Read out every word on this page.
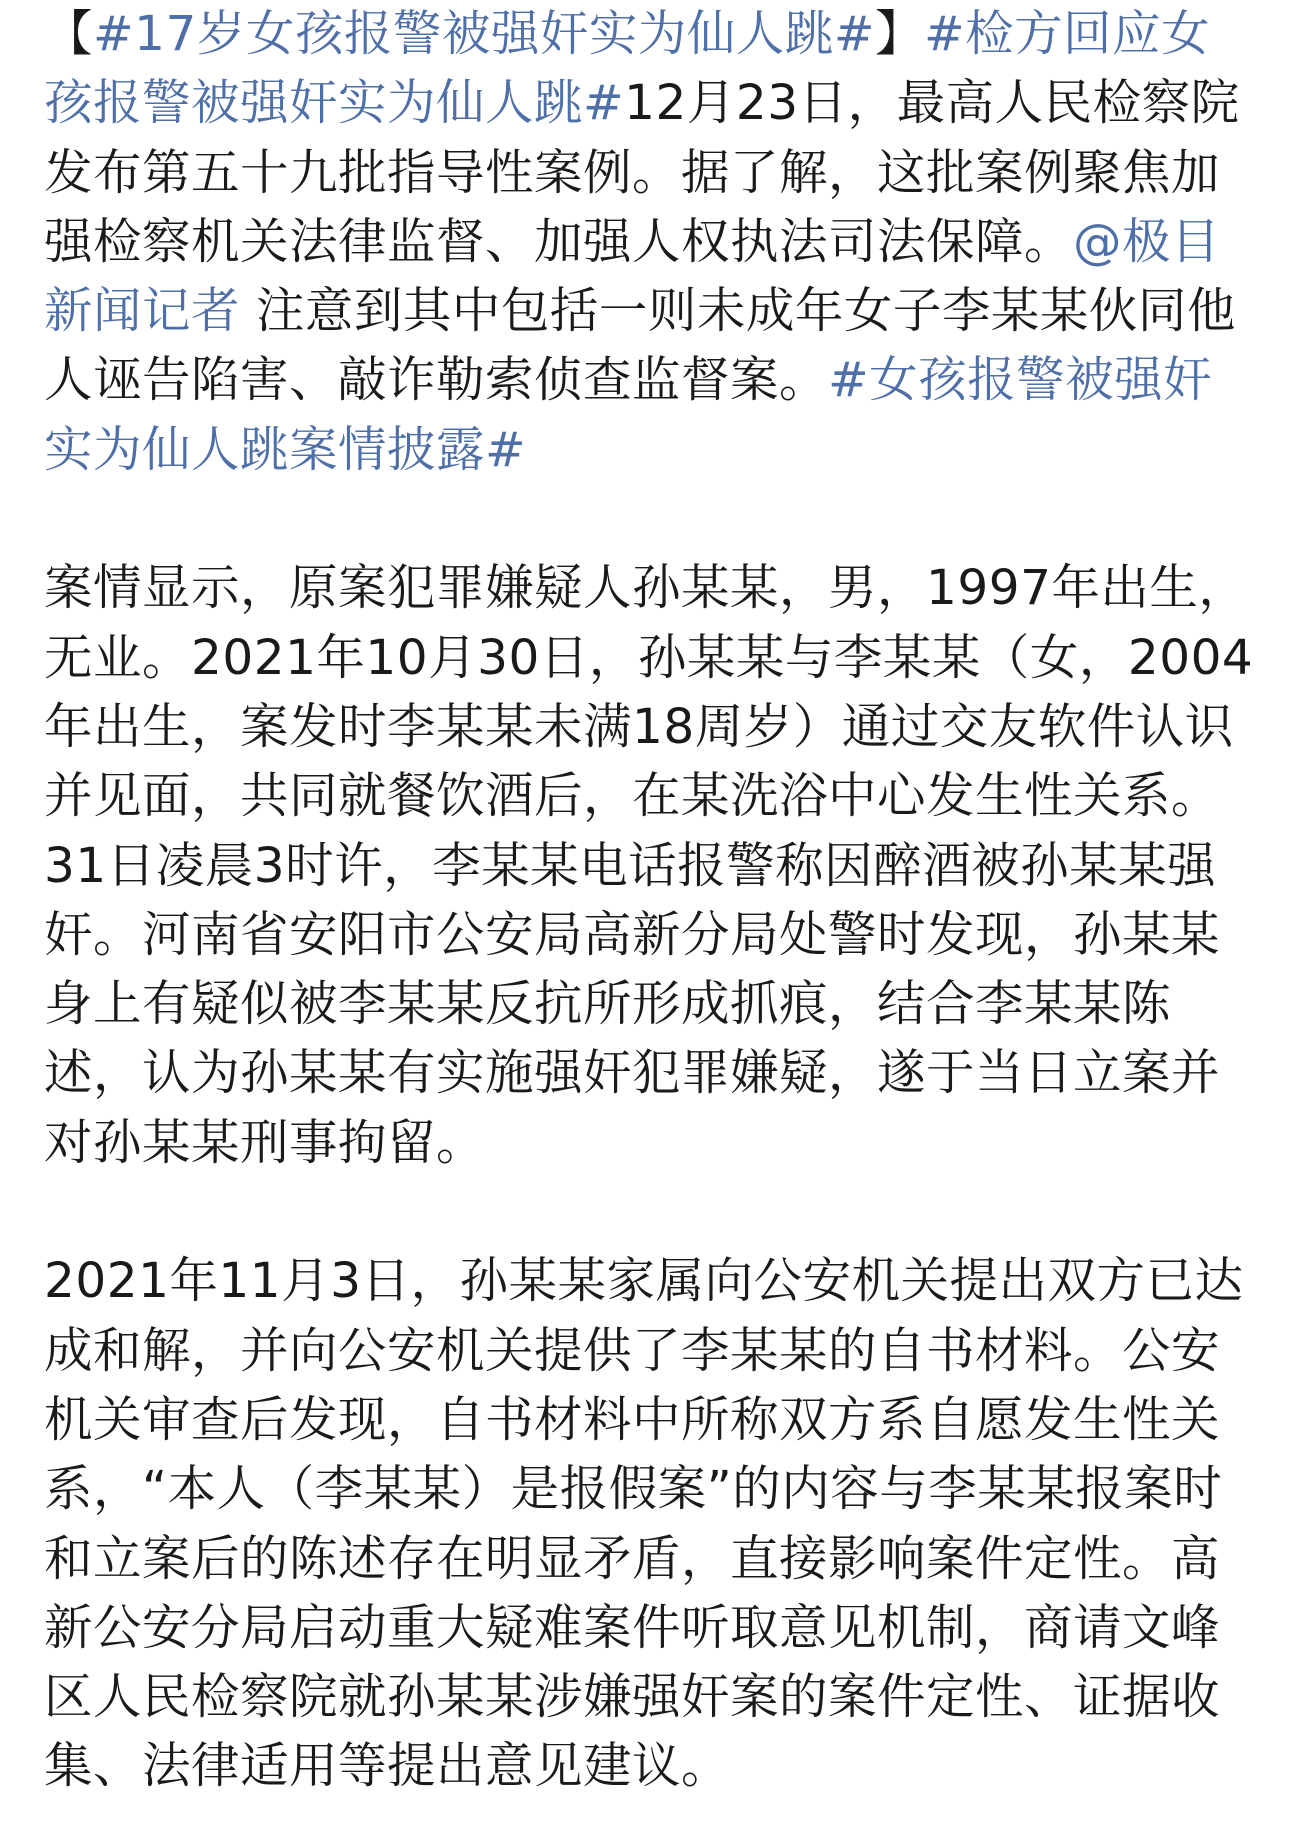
【#17岁女孩报警被强奸实为仙人跳#】#检方回应女孩报警被强奸实为仙人跳#12月23日，最高人民检察院发布第五十九批指导性案例。据了解，这批案例聚焦加强检察机关法律监督、加强人权执法司法保障。@极目新闻记者 注意到其中包括一则未成年女子李某某伙同他人诬告陷害、敲诈勒索侦查监督案。#女孩报警被强奸实为仙人跳案情披露#

案情显示，原案犯罪嫌疑人孙某某，男，1997年出生，无业。2021年10月30日，孙某某与李某某（女，2004年出生，案发时李某某未满18周岁）通过交友软件认识并见面，共同就餐饮酒后，在某洗浴中心发生性关系。31日凌晨3时许，李某某电话报警称因醉酒被孙某某强奸。河南省安阳市公安局高新分局处警时发现，孙某某身上有疑似被李某某反抗所形成抓痕，结合李某某陈述，认为孙某某有实施强奸犯罪嫌疑，遂于当日立案并对孙某某刑事拘留。

2021年11月3日，孙某某家属向公安机关提出双方已达成和解，并向公安机关提供了李某某的自书材料。公安机关审查后发现，自书材料中所称双方系自愿发生性关系，“本人（李某某）是报假案”的内容与李某某报案时和立案后的陈述存在明显矛盾，直接影响案件定性。高新公安分局启动重大疑难案件听取意见机制，商请文峰区人民检察院就孙某某涉嫌强奸案的案件定性、证据收集、法律适用等提出意见建议。
